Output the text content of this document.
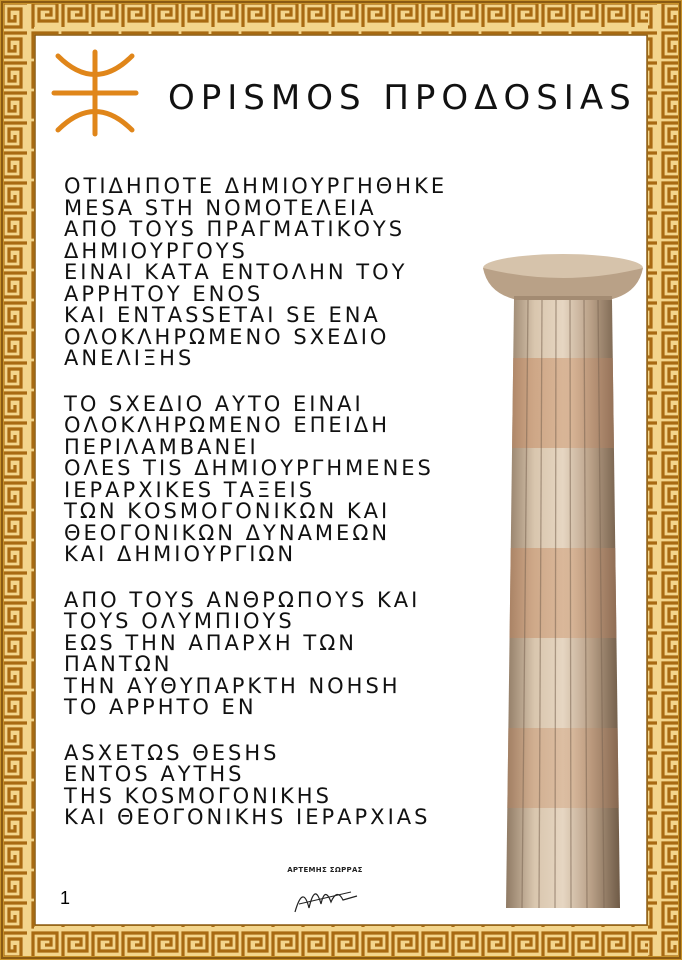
OPISMOS ΠΡΟΔΟSIAS
ΟΤΙΔΗΠΟΤΕ ΔΗΜΙΟΥΡΓΗΘΗΚΕ
ΜΕSΑ SΤΗ ΝΟΜΟΤΕΛΕΙΑ
ΑΠΟ ΤΟΥS ΠΡΑΓΜΑΤΙΚΟΥS
ΔΗΜΙΟΥΡΓΟΥS
ΕΙΝΑΙ ΚΑΤΑ ΕΝΤΟΛΗΝ ΤΟΥ
ΑΡΡΗΤΟΥ ΕΝΟS
ΚΑΙ ΕΝΤΑSSΕΤΑΙ SΕ ΕΝΑ
ΟΛΟΚΛΗΡΩΜΕΝΟ SΧΕΔΙΟ
ΑΝΕΛΙΞΗS
ΤΟ SΧΕΔΙΟ ΑΥΤΟ ΕΙΝΑΙ
ΟΛΟΚΛΗΡΩΜΕΝΟ ΕΠΕΙΔΗ
ΠΕΡΙΛΑΜΒΑΝΕΙ
ΟΛΕS ΤΙS ΔΗΜΙΟΥΡΓΗΜΕΝΕS
ΙΕΡΑΡΧΙΚΕS ΤΑΞΕΙS
ΤΩΝ ΚΟSΜΟΓΟΝΙΚΩΝ ΚΑΙ
ΘΕΟΓΟΝΙΚΩΝ ΔΥΝΑΜΕΩΝ
ΚΑΙ ΔΗΜΙΟΥΡΓΙΩΝ
ΑΠΟ ΤΟΥS ΑΝΘΡΩΠΟΥS ΚΑΙ
ΤΟΥS ΟΛΥΜΠΙΟΥS
ΕΩS ΤΗΝ ΑΠΑΡΧΗ ΤΩΝ
ΠΑΝΤΩΝ
ΤΗΝ ΑΥΘΥΠΑΡΚΤΗ ΝΟΗSΗ
ΤΟ ΑΡΡΗΤΟ ΕΝ
ΑSΧΕΤΩS ΘΕSΗS
ΕΝΤΟS ΑΥΤΗS
ΤΗS ΚΟSΜΟΓΟΝΙΚΗS
ΚΑΙ ΘΕΟΓΟΝΙΚΗS ΙΕΡΑΡΧΙΑS
ΑΡΤΕΜΗΣ ΣΩΡΡΑΣ
1
